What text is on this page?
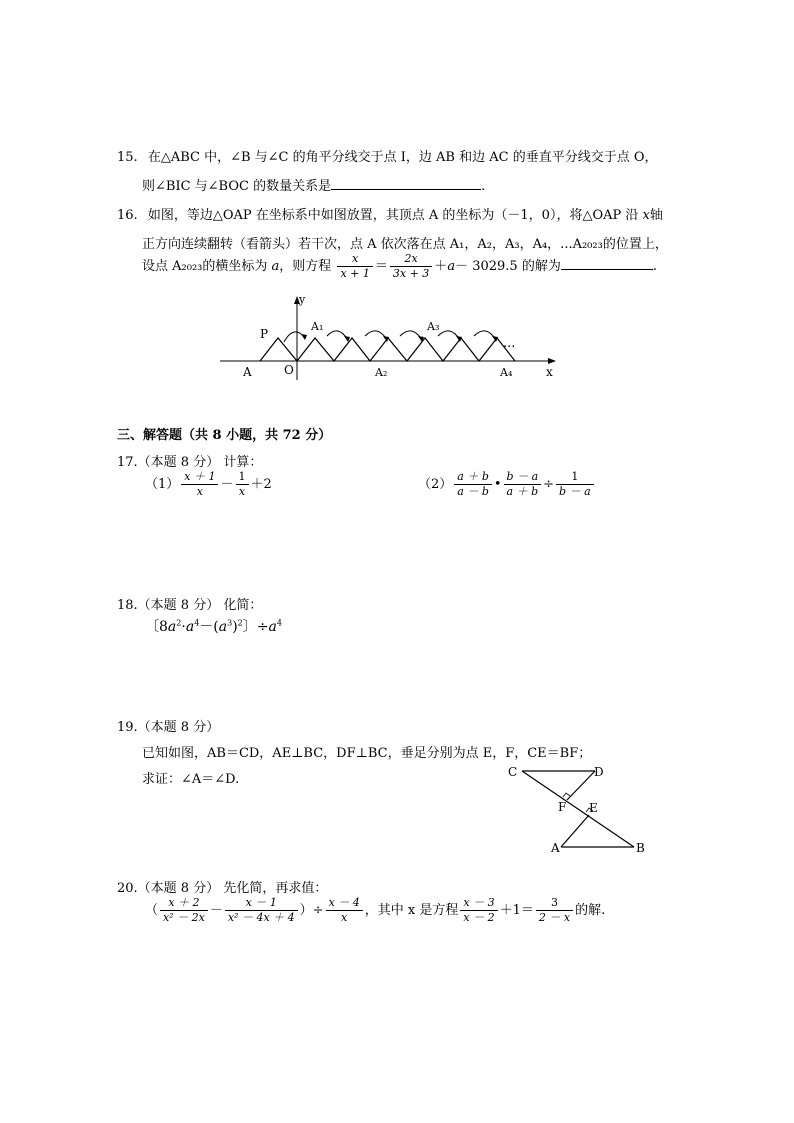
15. 在△ABC 中，∠B 与∠C 的角平分线交于点 I，边 AB 和边 AC 的垂直平分线交于点 O，
则∠BIC 与∠BOC 的数量关系是	.
16. 如图，等边△OAP 在坐标系中如图放置，其顶点 A 的坐标为（－1，0），将△OAP 沿 x轴
正方向连续翻转（看箭头）若干次，点 A 依次落在点 A₁，A₂，A₃，A₄，...A₂₀₂₃的位置上，
设点 A₂₀₂₃的横坐标为 a，则方程 $\frac{x}{x + 1} = \frac{2x}{3x + 3} +a- 3029.5$ 的解为	.
y
x
A	O
P
A₁
A₂
A₃
A₄
...
三、解答题（共 8 小题，共 72 分）
17.（本题 8 分） 计算：
$(1) \frac{x + 1}{x} - \frac{1}{x} +2$	$(2) \frac{a + b}{a - b}$ • $\frac{b - a}{a + b} \div \frac{1}{b - a}$
18.（本题 8 分） 化简：
〔$8a^2\cdot a^4-(a^3)^2$〕$\div a^4$
19.（本题 8 分）
已知如图，AB＝CD，AE⊥BC，DF⊥BC，垂足分别为点 E，F，CE＝BF；
求证：∠A＝∠D.	C	D
F E
A	B
20.（本题 8 分） 先化简，再求值：
（ $\frac{x + 2}{\text{x² － 2x}} - \frac{x - 1}{\text{x² － 4x ＋ 4}}$ ）÷ $\frac{x - 4}{x}$ ，其中 x 是方程 $\frac{x - 3}{x - 2} +1= \frac{3}{2 - x}$ 的解.
